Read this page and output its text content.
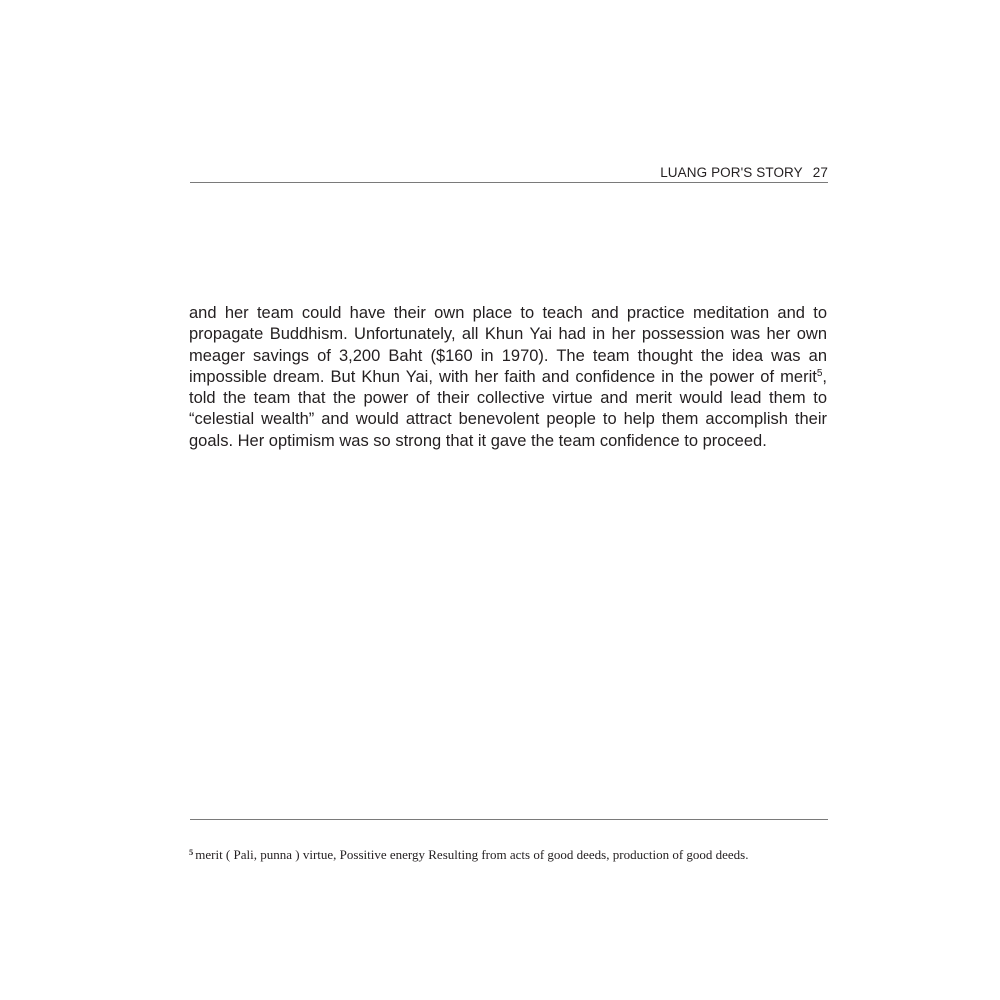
LUANG POR'S STORY 27
and her team could have their own place to teach and practice meditation and to
propagate Buddhism. Unfortunately, all Khun Yai had in her possession was her own
meager savings of 3,200 Baht ($160 in 1970). The team thought the idea was an
impossible dream. But Khun Yai, with her faith and confidence in the power of merit$^5$,
told the team that the power of their collective virtue and merit would lead them to
“celestial wealth” and would attract benevolent people to help them accomplish their
goals. Her optimism was so strong that it gave the team confidence to proceed.
$^5$ merit ( Pali, punna ) virtue, Possitive energy Resulting from acts of good deeds, production of good deeds.
